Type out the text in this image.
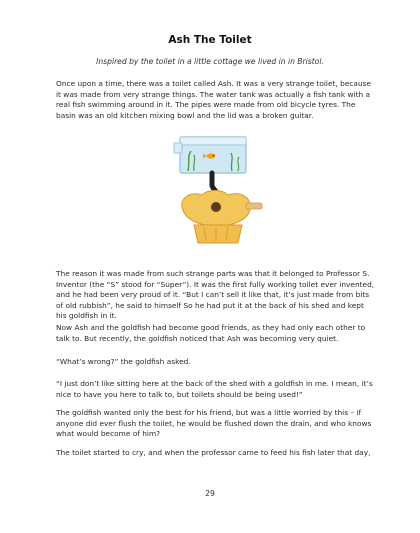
Ash The Toilet
Inspired by the toilet in a little cottage we lived in in Bristol.

Once upon a time, there was a toilet called Ash. It was a very strange toilet, because it was made from very strange things. The water tank was actually a fish tank with a real fish swimming around in it. The pipes were made from old bicycle tyres. The basin was an old kitchen mixing bowl and the lid was a broken guitar.

The reason it was made from such strange parts was that it belonged to Professor S. Inventor (the “S” stood for “Super”). It was the first fully working toilet ever invented, and he had been very proud of it. “But I can’t sell it like that, it’s just made from bits of old rubbish”, he said to himself So he had put it at the back of his shed and kept his goldfish in it.

Now Ash and the goldfish had become good friends, as they had only each other to talk to. But recently, the goldfish noticed that Ash was becoming very quiet.

“What’s wrong?” the goldfish asked.

“I just don’t like sitting here at the back of the shed with a goldfish in me. I mean, it’s nice to have you here to talk to, but toilets should be being used!”

The goldfish wanted only the best for his friend, but was a little worried by this – if anyone did ever flush the toilet, he would be flushed down the drain, and who knows what would become of him?

The toilet started to cry, and when the professor came to feed his fish later that day,

29
